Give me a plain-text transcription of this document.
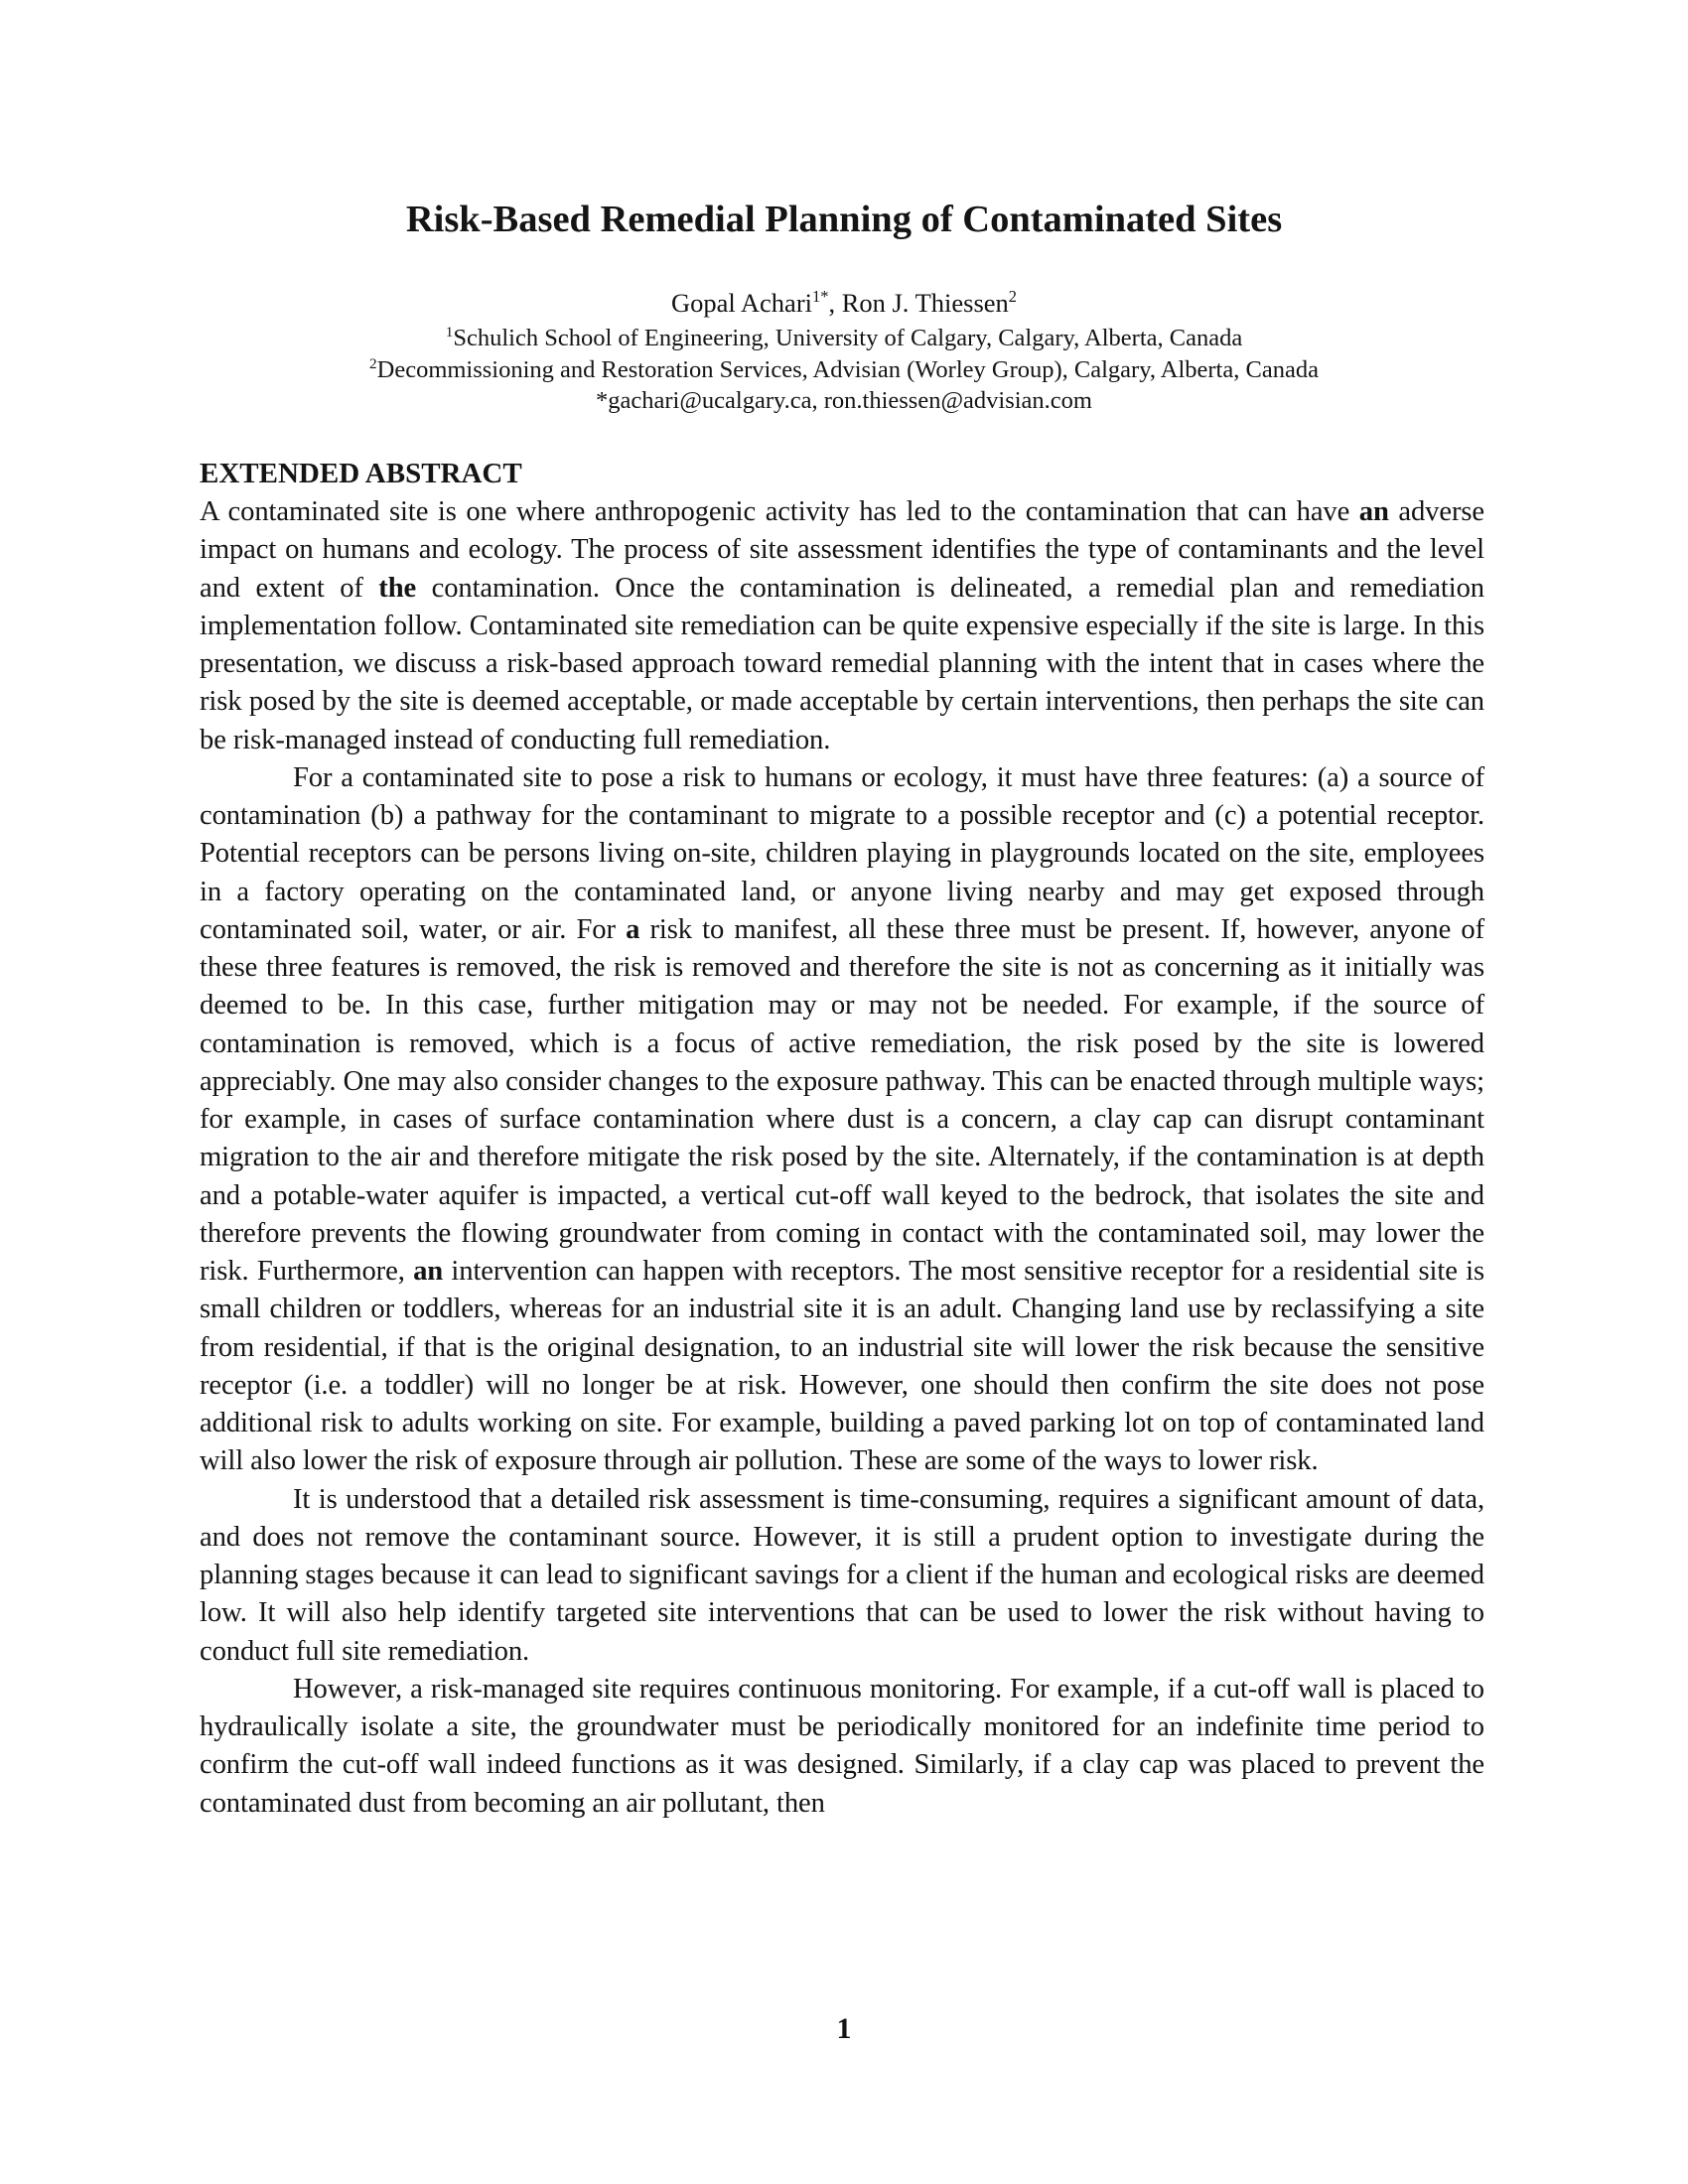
Risk-Based Remedial Planning of Contaminated Sites
Gopal Achari$^{1*}$, Ron J. Thiessen$^2$
$^1$Schulich School of Engineering, University of Calgary, Calgary, Alberta, Canada
$^2$Decommissioning and Restoration Services, Advisian (Worley Group), Calgary, Alberta, Canada
*gachari@ucalgary.ca, ron.thiessen@advisian.com
EXTENDED ABSTRACT

A contaminated site is one where anthropogenic activity has led to the contamination that can have an adverse impact on humans and ecology. The process of site assessment identifies the type of contaminants and the level and extent of the contamination. Once the contamination is delineated, a remedial plan and remediation implementation follow. Contaminated site remediation can be quite expensive especially if the site is large. In this presentation, we discuss a risk-based approach toward remedial planning with the intent that in cases where the risk posed by the site is deemed acceptable, or made acceptable by certain interventions, then perhaps the site can be risk-managed instead of conducting full remediation.

For a contaminated site to pose a risk to humans or ecology, it must have three features: (a) a source of contamination (b) a pathway for the contaminant to migrate to a possible receptor and (c) a potential receptor. Potential receptors can be persons living on-site, children playing in playgrounds located on the site, employees in a factory operating on the contaminated land, or anyone living nearby and may get exposed through contaminated soil, water, or air. For a risk to manifest, all these three must be present. If, however, anyone of these three features is removed, the risk is removed and therefore the site is not as concerning as it initially was deemed to be. In this case, further mitigation may or may not be needed. For example, if the source of contamination is removed, which is a focus of active remediation, the risk posed by the site is lowered appreciably. One may also consider changes to the exposure pathway. This can be enacted through multiple ways; for example, in cases of surface contamination where dust is a concern, a clay cap can disrupt contaminant migration to the air and therefore mitigate the risk posed by the site. Alternately, if the contamination is at depth and a potable-water aquifer is impacted, a vertical cut-off wall keyed to the bedrock, that isolates the site and therefore prevents the flowing groundwater from coming in contact with the contaminated soil, may lower the risk. Furthermore, an intervention can happen with receptors. The most sensitive receptor for a residential site is small children or toddlers, whereas for an industrial site it is an adult. Changing land use by reclassifying a site from residential, if that is the original designation, to an industrial site will lower the risk because the sensitive receptor (i.e. a toddler) will no longer be at risk. However, one should then confirm the site does not pose additional risk to adults working on site. For example, building a paved parking lot on top of contaminated land will also lower the risk of exposure through air pollution. These are some of the ways to lower risk.

It is understood that a detailed risk assessment is time-consuming, requires a significant amount of data, and does not remove the contaminant source. However, it is still a prudent option to investigate during the planning stages because it can lead to significant savings for a client if the human and ecological risks are deemed low. It will also help identify targeted site interventions that can be used to lower the risk without having to conduct full site remediation.

However, a risk-managed site requires continuous monitoring. For example, if a cut-off wall is placed to hydraulically isolate a site, the groundwater must be periodically monitored for an indefinite time period to confirm the cut-off wall indeed functions as it was designed. Similarly, if a clay cap was placed to prevent the contaminated dust from becoming an air pollutant, then

1
